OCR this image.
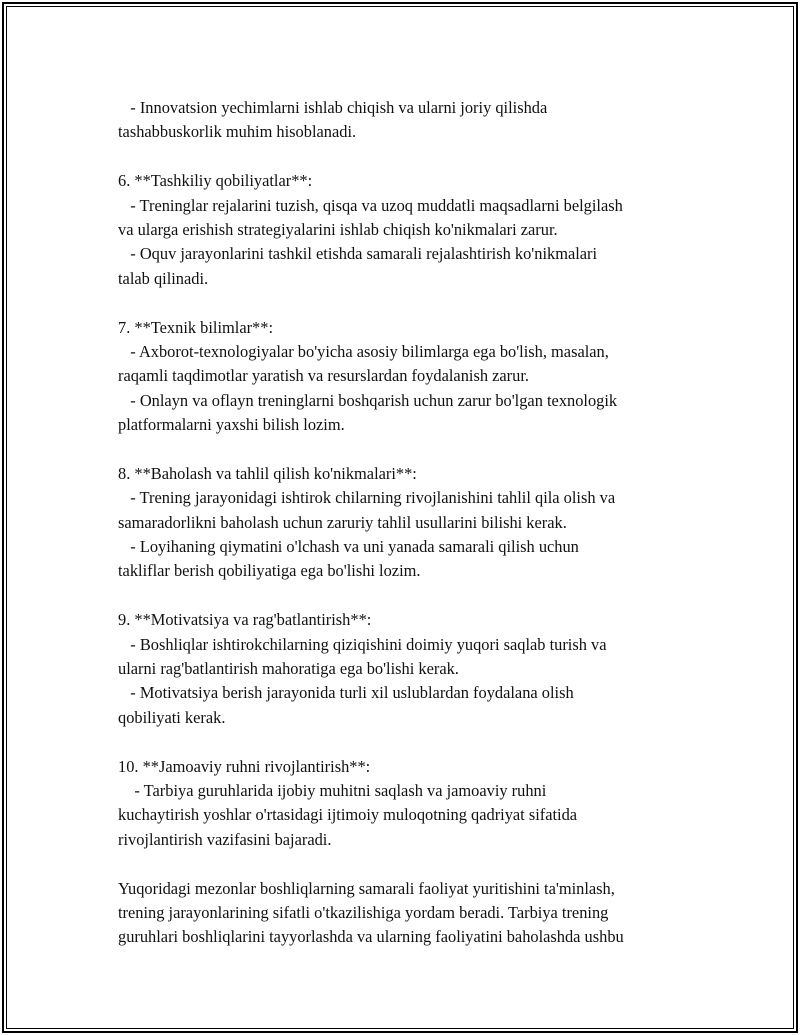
- Innovatsion yechimlarni ishlab chiqish va ularni joriy qilishda
tashabbuskorlik muhim hisoblanadi.
6. **Tashkiliy qobiliyatlar**:
- Treninglar rejalarini tuzish, qisqa va uzoq muddatli maqsadlarni belgilash
va ularga erishish strategiyalarini ishlab chiqish ko'nikmalari zarur.
- Oquv jarayonlarini tashkil etishda samarali rejalashtirish ko'nikmalari
talab qilinadi.
7. **Texnik bilimlar**:
- Axborot-texnologiyalar bo'yicha asosiy bilimlarga ega bo'lish, masalan,
raqamli taqdimotlar yaratish va resurslardan foydalanish zarur.
- Onlayn va oflayn treninglarni boshqarish uchun zarur bo'lgan texnologik
platformalarni yaxshi bilish lozim.
8. **Baholash va tahlil qilish ko'nikmalari**:
- Trening jarayonidagi ishtirok chilarning rivojlanishini tahlil qila olish va
samaradorlikni baholash uchun zaruriy tahlil usullarini bilishi kerak.
- Loyihaning qiymatini o'lchash va uni yanada samarali qilish uchun
takliflar berish qobiliyatiga ega bo'lishi lozim.
9. **Motivatsiya va rag'batlantirish**:
- Boshliqlar ishtirokchilarning qiziqishini doimiy yuqori saqlab turish va
ularni rag'batlantirish mahoratiga ega bo'lishi kerak.
- Motivatsiya berish jarayonida turli xil uslublardan foydalana olish
qobiliyati kerak.
10. **Jamoaviy ruhni rivojlantirish**:
- Tarbiya guruhlarida ijobiy muhitni saqlash va jamoaviy ruhni
kuchaytirish yoshlar o'rtasidagi ijtimoiy muloqotning qadriyat sifatida
rivojlantirish vazifasini bajaradi.
Yuqoridagi mezonlar boshliqlarning samarali faoliyat yuritishini ta'minlash,
trening jarayonlarining sifatli o'tkazilishiga yordam beradi. Tarbiya trening
guruhlari boshliqlarini tayyorlashda va ularning faoliyatini baholashda ushbu
